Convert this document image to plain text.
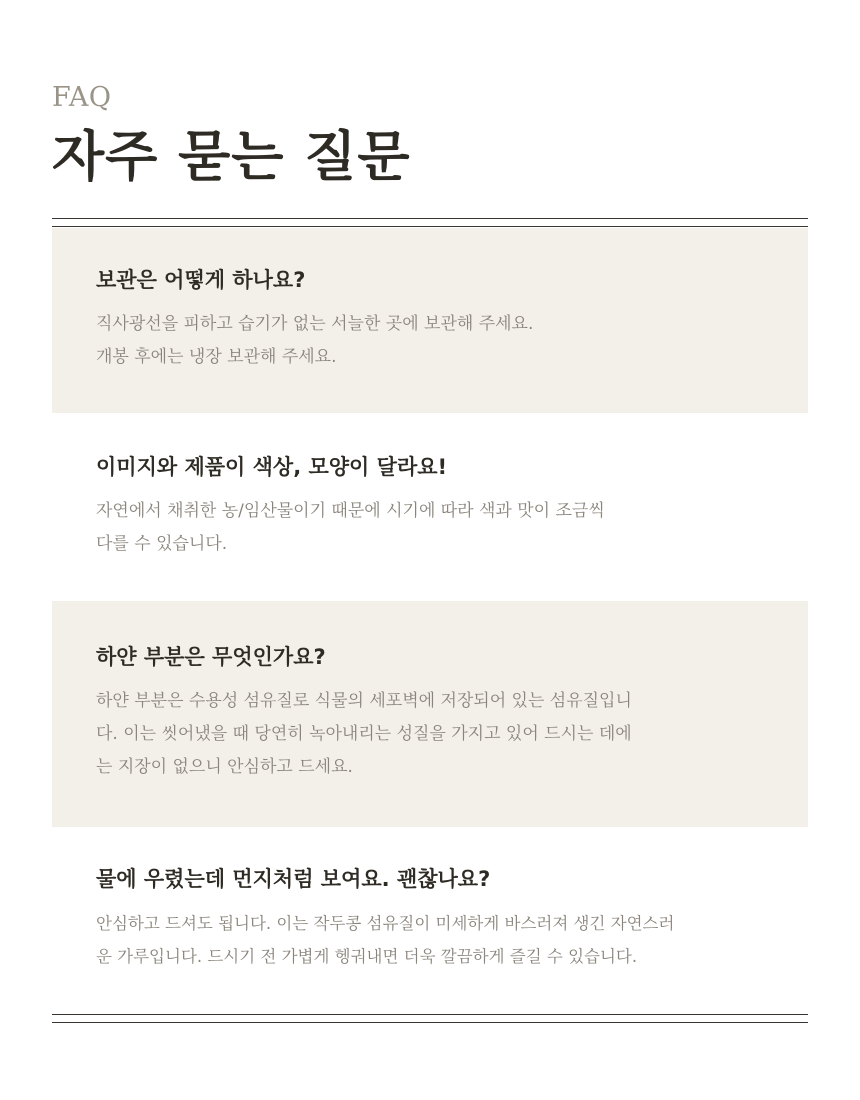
FAQ
자주 묻는 질문
보관은 어떻게 하나요?
직사광선을 피하고 습기가 없는 서늘한 곳에 보관해 주세요.
개봉 후에는 냉장 보관해 주세요.
이미지와 제품이 색상, 모양이 달라요!
자연에서 채취한 농/임산물이기 때문에 시기에 따라 색과 맛이 조금씩
다를 수 있습니다.
하얀 부분은 무엇인가요?
하얀 부분은 수용성 섬유질로 식물의 세포벽에 저장되어 있는 섬유질입니
다. 이는 씻어냈을 때 당연히 녹아내리는 성질을 가지고 있어 드시는 데에
는 지장이 없으니 안심하고 드세요.
물에 우렸는데 먼지처럼 보여요. 괜찮나요?
안심하고 드셔도 됩니다. 이는 작두콩 섬유질이 미세하게 바스러져 생긴 자연스러
운 가루입니다. 드시기 전 가볍게 헹궈내면 더욱 깔끔하게 즐길 수 있습니다.
